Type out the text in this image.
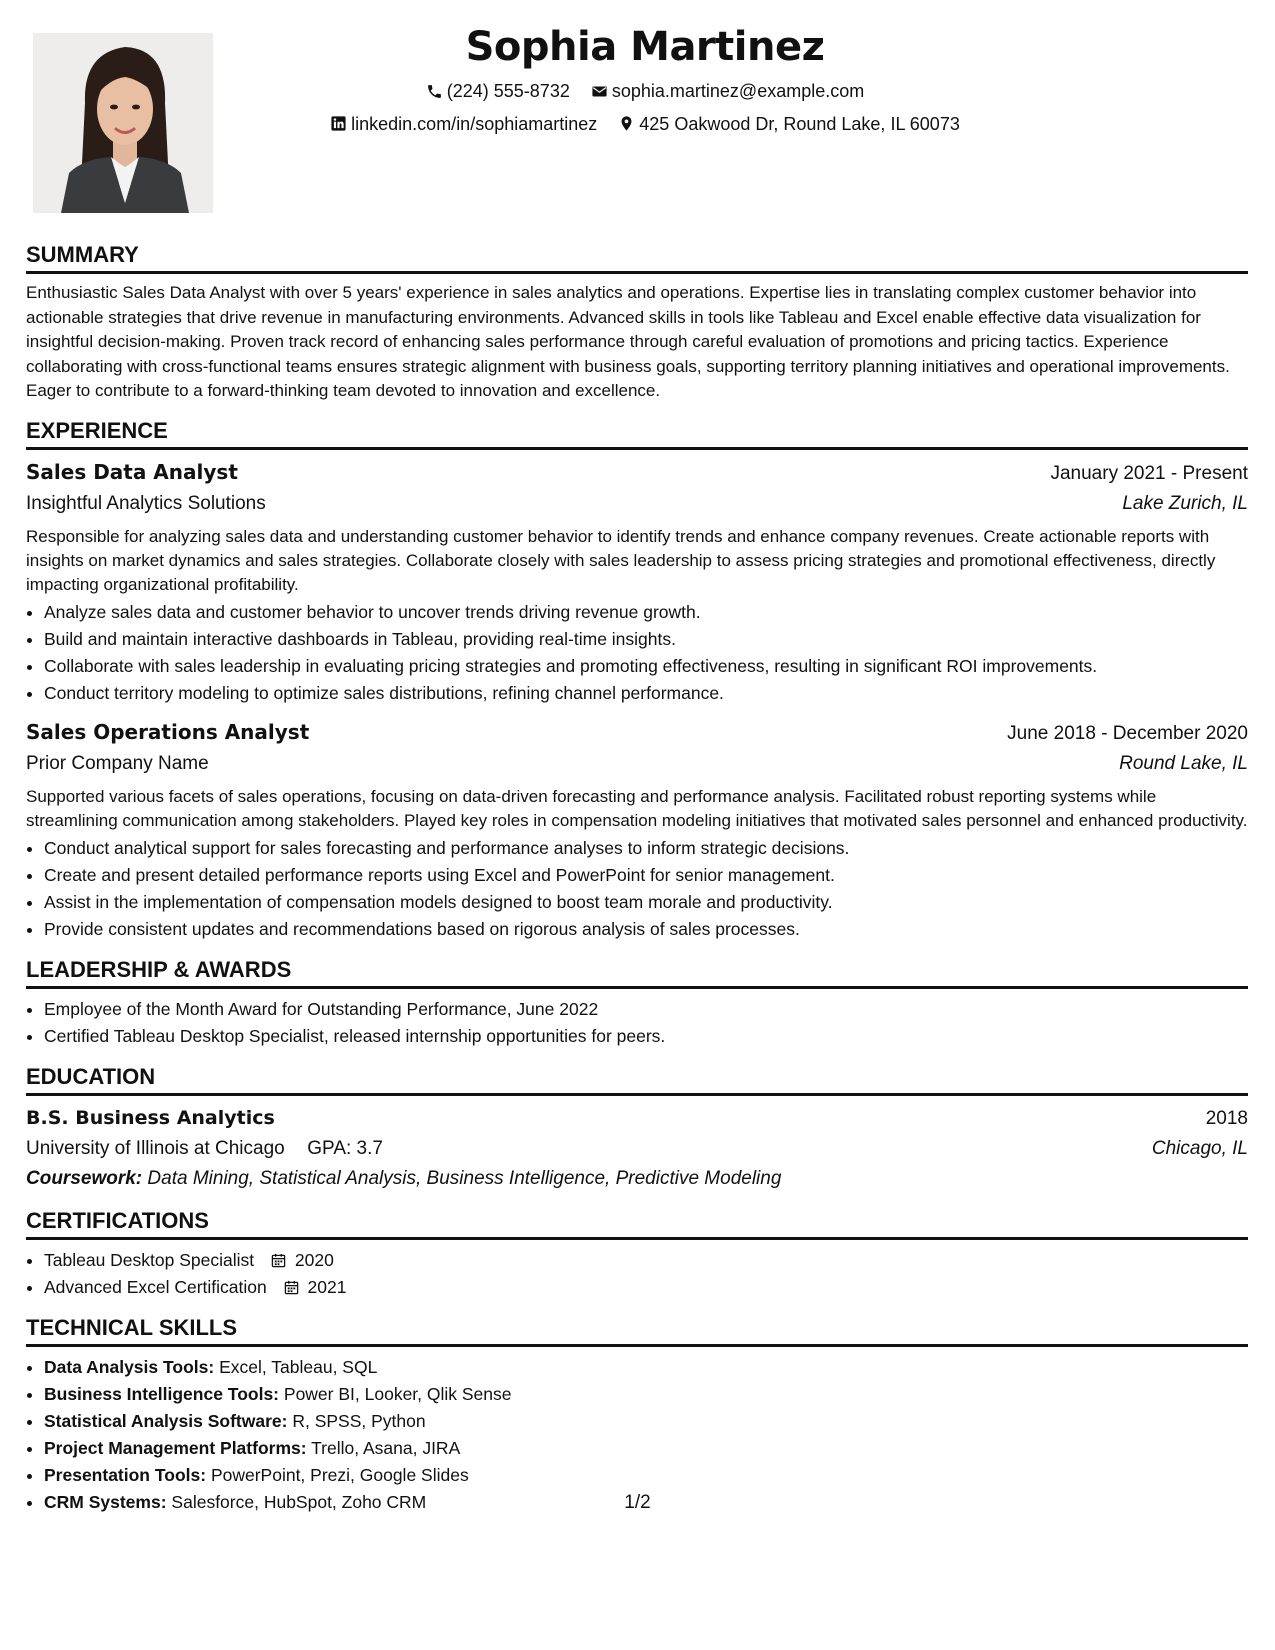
Sophia Martinez
(224) 555-8732
sophia.martinez@example.com
linkedin.com/in/sophiamartinez
425 Oakwood Dr, Round Lake, IL 60073
SUMMARY

Enthusiastic Sales Data Analyst with over 5 years' experience in sales analytics and operations. Expertise lies in translating complex customer behavior into actionable strategies that drive revenue in manufacturing environments. Advanced skills in tools like Tableau and Excel enable effective data visualization for insightful decision-making. Proven track record of enhancing sales performance through careful evaluation of promotions and pricing tactics. Experience collaborating with cross-functional teams ensures strategic alignment with business goals, supporting territory planning initiatives and operational improvements. Eager to contribute to a forward-thinking team devoted to innovation and excellence.

EXPERIENCE
Sales Data Analyst	January 2021 - Present
Insightful Analytics Solutions	Lake Zurich, IL

Responsible for analyzing sales data and understanding customer behavior to identify trends and enhance company revenues. Create actionable reports with insights on market dynamics and sales strategies. Collaborate closely with sales leadership to assess pricing strategies and promotional effectiveness, directly impacting organizational profitability.

• Analyze sales data and customer behavior to uncover trends driving revenue growth.
• Build and maintain interactive dashboards in Tableau, providing real-time insights.
• Collaborate with sales leadership in evaluating pricing strategies and promoting effectiveness, resulting in significant ROI improvements.
• Conduct territory modeling to optimize sales distributions, refining channel performance.
Sales Operations Analyst	June 2018 - December 2020
Prior Company Name	Round Lake, IL

Supported various facets of sales operations, focusing on data-driven forecasting and performance analysis. Facilitated robust reporting systems while streamlining communication among stakeholders. Played key roles in compensation modeling initiatives that motivated sales personnel and enhanced productivity.

• Conduct analytical support for sales forecasting and performance analyses to inform strategic decisions.
• Create and present detailed performance reports using Excel and PowerPoint for senior management.
• Assist in the implementation of compensation models designed to boost team morale and productivity.
• Provide consistent updates and recommendations based on rigorous analysis of sales processes.
LEADERSHIP & AWARDS
• Employee of the Month Award for Outstanding Performance, June 2022
• Certified Tableau Desktop Specialist, released internship opportunities for peers.
EDUCATION
B.S. Business Analytics	2018
University of Illinois at Chicago GPA: 3.7	Chicago, IL
Coursework: Data Mining, Statistical Analysis, Business Intelligence, Predictive Modeling
CERTIFICATIONS
• Tableau Desktop Specialist 2020
• Advanced Excel Certification 2021
TECHNICAL SKILLS
• Data Analysis Tools: Excel, Tableau, SQL
• Business Intelligence Tools: Power BI, Looker, Qlik Sense
• Statistical Analysis Software: R, SPSS, Python
• Project Management Platforms: Trello, Asana, JIRA
• Presentation Tools: PowerPoint, Prezi, Google Slides
• CRM Systems: Salesforce, HubSpot, Zoho CRM	1/2
